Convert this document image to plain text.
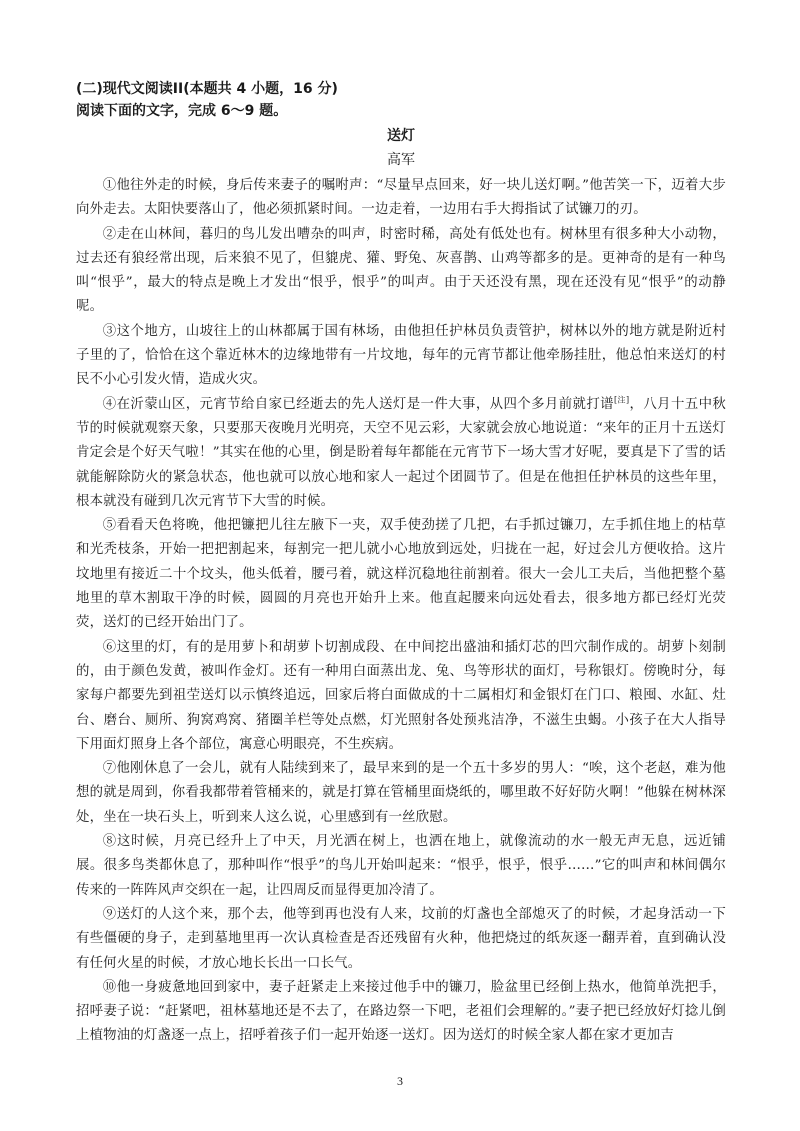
(二)现代文阅读II(本题共 4 小题，16 分)

阅读下面的文字，完成 6～9 题。

送灯

高军

①他往外走的时候，身后传来妻子的嘱咐声：“尽量早点回来，好一块儿送灯啊。”他苦笑一下，迈着大步向外走去。太阳快要落山了，他必须抓紧时间。一边走着，一边用右手大拇指试了试镰刀的刃。

②走在山林间，暮归的鸟儿发出嘈杂的叫声，时密时稀，高处有低处也有。树林里有很多种大小动物，过去还有狼经常出现，后来狼不见了，但貔虎、獾、野兔、灰喜鹊、山鸡等都多的是。更神奇的是有一种鸟叫“恨乎”，最大的特点是晚上才发出“恨乎，恨乎”的叫声。由于天还没有黑，现在还没有见“恨乎”的动静呢。

③这个地方，山坡往上的山林都属于国有林场，由他担任护林员负责管护，树林以外的地方就是附近村子里的了，恰恰在这个靠近林木的边缘地带有一片坟地，每年的元宵节都让他牵肠挂肚，他总怕来送灯的村民不小心引发火情，造成火灾。

④在沂蒙山区，元宵节给自家已经逝去的先人送灯是一件大事，从四个多月前就打谱[注]，八月十五中秋节的时候就观察天象，只要那天夜晚月光明亮，天空不见云彩，大家就会放心地说道：“来年的正月十五送灯肯定会是个好天气啦！”其实在他的心里，倒是盼着每年都能在元宵节下一场大雪才好呢，要真是下了雪的话就能解除防火的紧急状态，他也就可以放心地和家人一起过个团圆节了。但是在他担任护林员的这些年里，根本就没有碰到几次元宵节下大雪的时候。

⑤看看天色将晚，他把镰把儿往左腋下一夹，双手使劲搓了几把，右手抓过镰刀，左手抓住地上的枯草和光秃枝条，开始一把把割起来，每割完一把儿就小心地放到远处，归拢在一起，好过会儿方便收拾。这片坟地里有接近二十个坟头，他头低着，腰弓着，就这样沉稳地往前割着。很大一会儿工夫后，当他把整个墓地里的草木割取干净的时候，圆圆的月亮也开始升上来。他直起腰来向远处看去，很多地方都已经灯光荧荧，送灯的已经开始出门了。

⑥这里的灯，有的是用萝卜和胡萝卜切割成段、在中间挖出盛油和插灯芯的凹穴制作成的。胡萝卜刻制的，由于颜色发黄，被叫作金灯。还有一种用白面蒸出龙、兔、鸟等形状的面灯，号称银灯。傍晚时分，每家每户都要先到祖茔送灯以示慎终追远，回家后将白面做成的十二属相灯和金银灯在门口、粮囤、水缸、灶台、磨台、厕所、狗窝鸡窝、猪圈羊栏等处点燃，灯光照射各处预兆洁净，不滋生虫蝎。小孩子在大人指导下用面灯照身上各个部位，寓意心明眼亮，不生疾病。

⑦他刚休息了一会儿，就有人陆续到来了，最早来到的是一个五十多岁的男人：“唉，这个老赵，难为他想的就是周到，你看我都带着管桶来的，就是打算在管桶里面烧纸的，哪里敢不好好防火啊！”他躲在树林深处，坐在一块石头上，听到来人这么说，心里感到有一丝欣慰。

⑧这时候，月亮已经升上了中天，月光洒在树上，也洒在地上，就像流动的水一般无声无息，远近铺展。很多鸟类都休息了，那种叫作“恨乎”的鸟儿开始叫起来：“恨乎，恨乎，恨乎……”它的叫声和林间偶尔传来的一阵阵风声交织在一起，让四周反而显得更加冷清了。

⑨送灯的人这个来，那个去，他等到再也没有人来，坟前的灯盏也全部熄灭了的时候，才起身活动一下有些僵硬的身子，走到墓地里再一次认真检查是否还残留有火种，他把烧过的纸灰逐一翻弄着，直到确认没有任何火星的时候，才放心地长长出一口长气。

⑩他一身疲惫地回到家中，妻子赶紧走上来接过他手中的镰刀，脸盆里已经倒上热水，他简单洗把手，招呼妻子说：“赶紧吧，祖林墓地还是不去了，在路边祭一下吧，老祖们会理解的。”妻子把已经放好灯捻儿倒上植物油的灯盏逐一点上，招呼着孩子们一起开始逐一送灯。因为送灯的时候全家人都在家才更加吉

3
